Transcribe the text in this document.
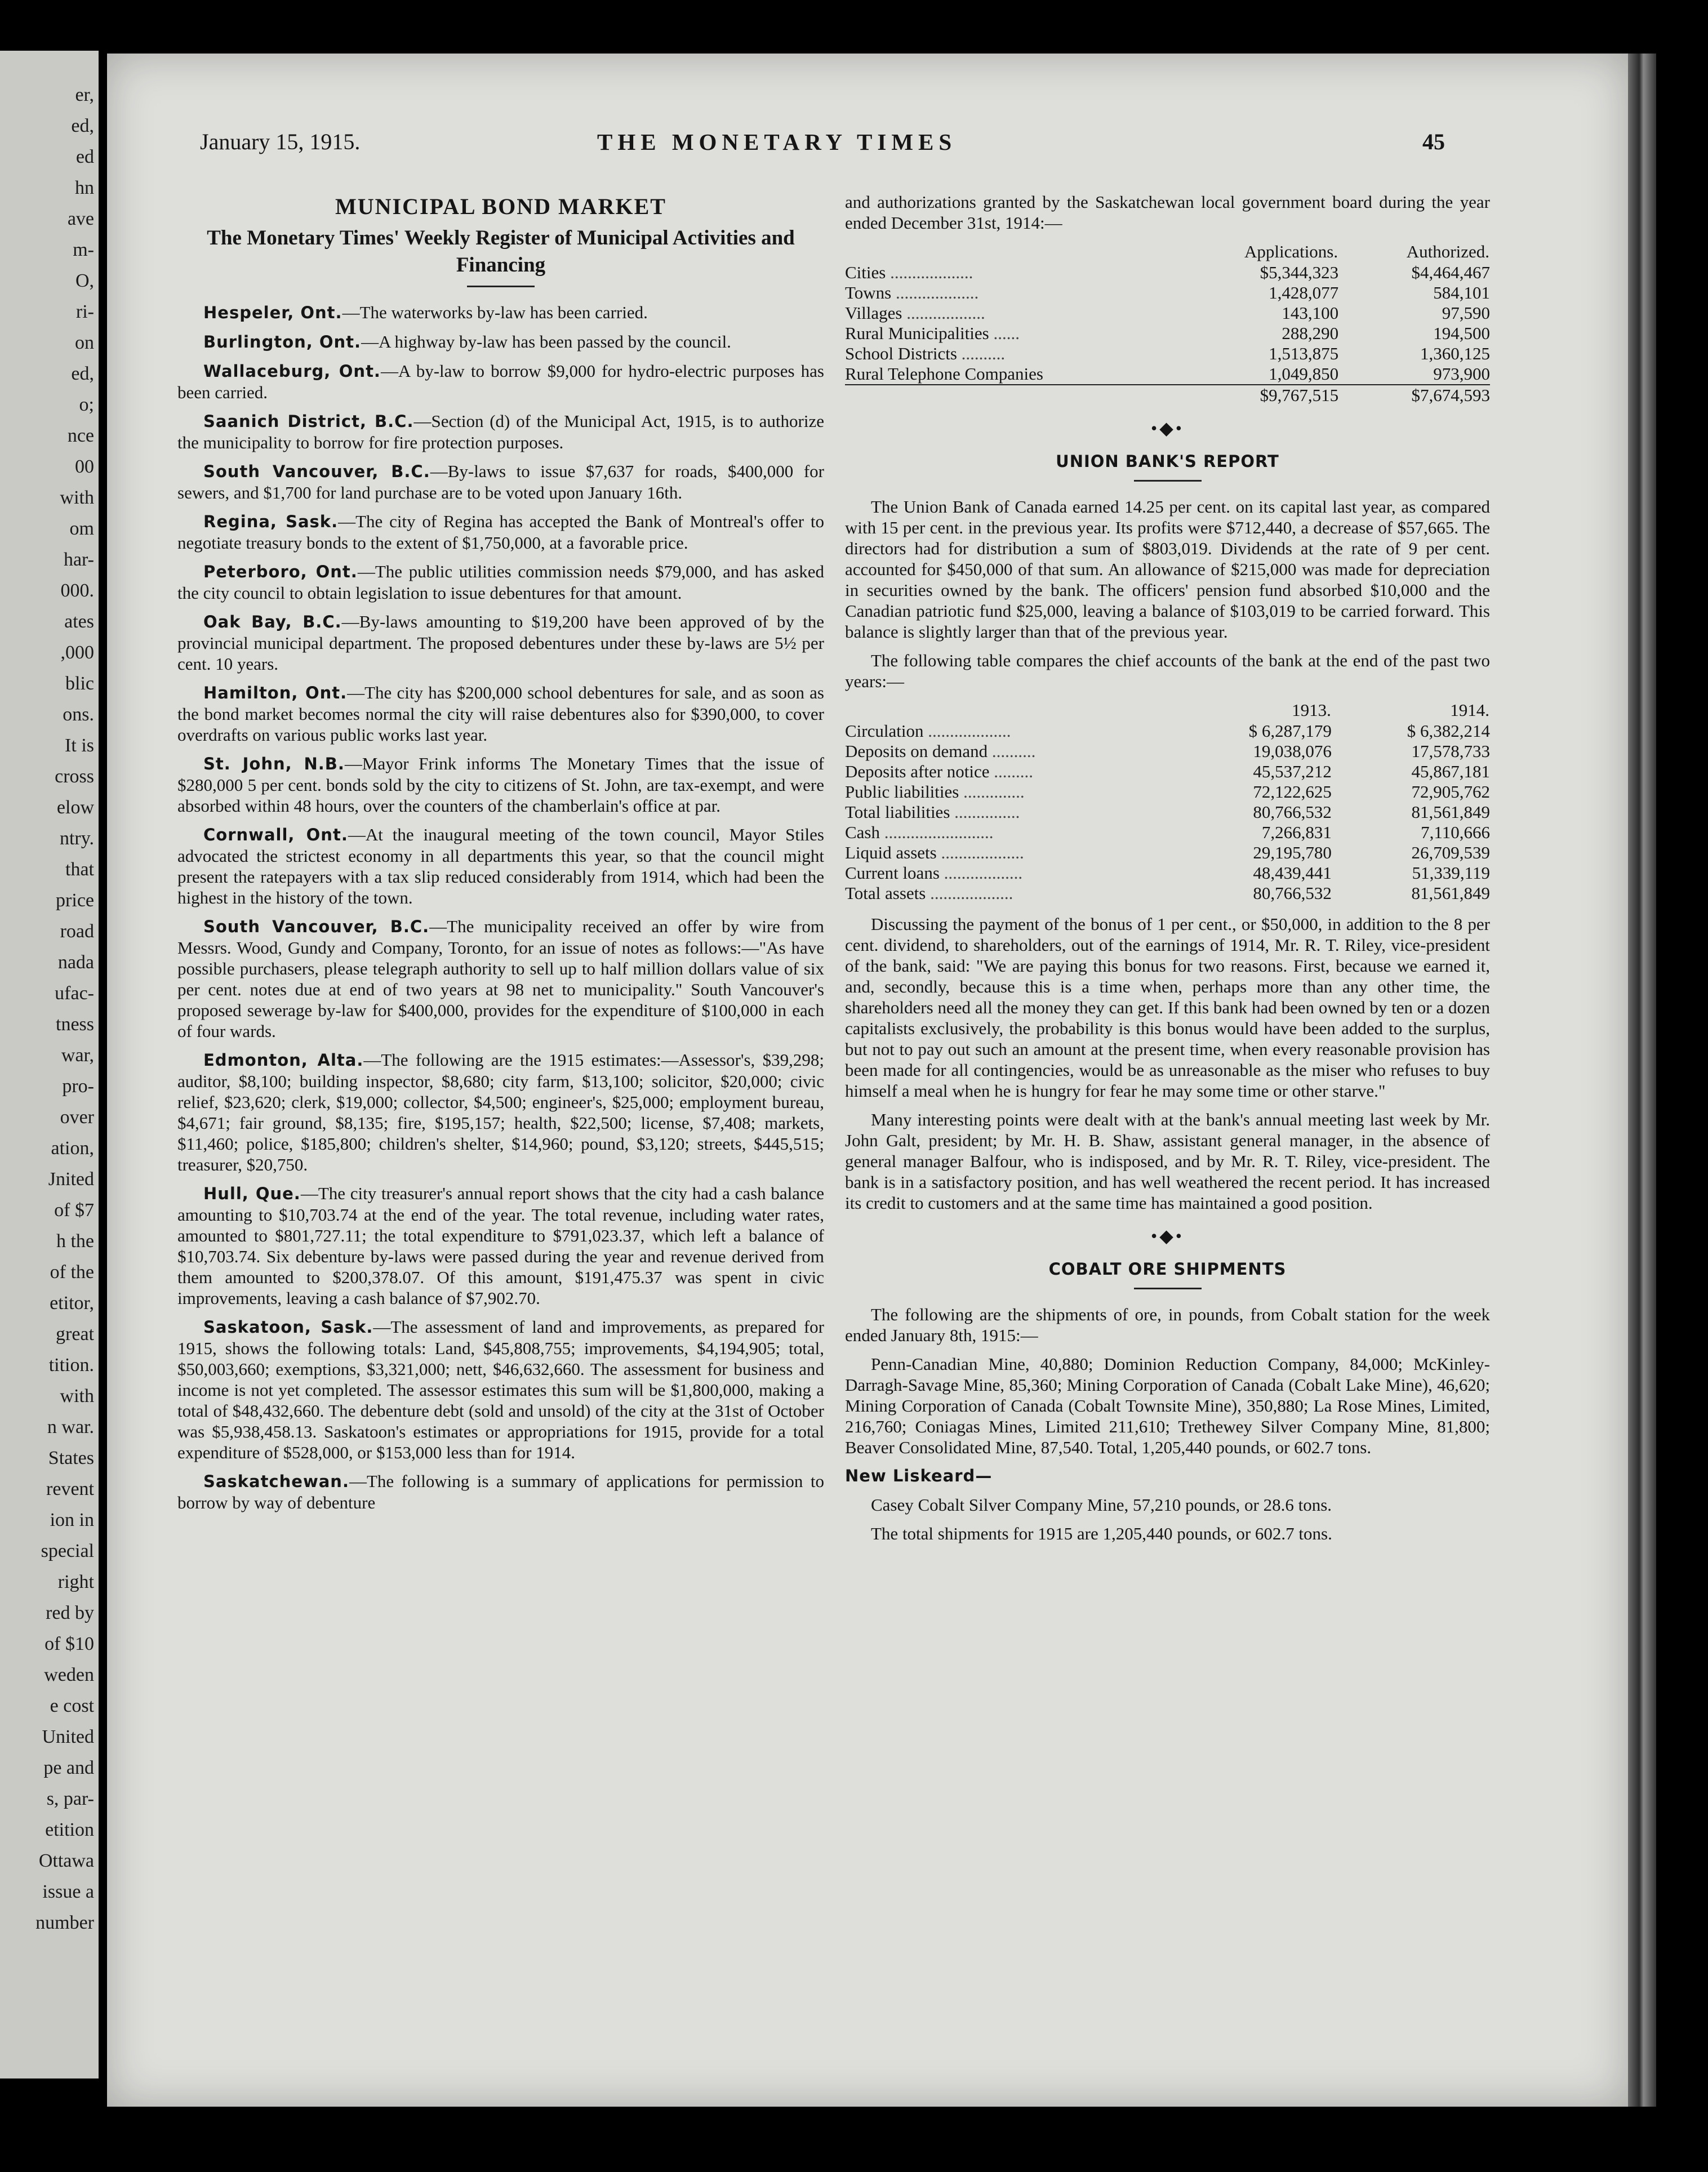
er,
ed,
ed
hn
ave
m-
O,
ri-
on
ed,
o;
nce
00
with
om
har-
000.
ates
,000
blic
ons.
It is
cross
elow
ntry.
that
price
road
nada
ufac-
tness
war,
pro-
over
ation,
Jnited
of $7
h the
of the
etitor,
great
tition.
with
n war.
States
revent
ion in
special
right
red by
of $10
weden
e cost
United
pe and
s, par-
etition
Ottawa
issue a
number
January 15, 1915.	THE MONETARY TIMES	45
MUNICIPAL BOND MARKET
The Monetary Times' Weekly Register of Municipal Activities and Financing

Hespeler, Ont.—The waterworks by-law has been carried.

Burlington, Ont.—A highway by-law has been passed by the council.

Wallaceburg, Ont.—A by-law to borrow $9,000 for hydro-electric purposes has been carried.

Saanich District, B.C.—Section (d) of the Municipal Act, 1915, is to authorize the municipality to borrow for fire protection purposes.

South Vancouver, B.C.—By-laws to issue $7,637 for roads, $400,000 for sewers, and $1,700 for land purchase are to be voted upon January 16th.

Regina, Sask.—The city of Regina has accepted the Bank of Montreal's offer to negotiate treasury bonds to the extent of $1,750,000, at a favorable price.

Peterboro, Ont.—The public utilities commission needs $79,000, and has asked the city council to obtain legislation to issue debentures for that amount.

Oak Bay, B.C.—By-laws amounting to $19,200 have been approved of by the provincial municipal department. The proposed debentures under these by-laws are 5½ per cent. 10 years.

Hamilton, Ont.—The city has $200,000 school debentures for sale, and as soon as the bond market becomes normal the city will raise debentures also for $390,000, to cover overdrafts on various public works last year.

St. John, N.B.—Mayor Frink informs The Monetary Times that the issue of $280,000 5 per cent. bonds sold by the city to citizens of St. John, are tax-exempt, and were absorbed within 48 hours, over the counters of the chamberlain's office at par.

Cornwall, Ont.—At the inaugural meeting of the town council, Mayor Stiles advocated the strictest economy in all departments this year, so that the council might present the ratepayers with a tax slip reduced considerably from 1914, which had been the highest in the history of the town.

South Vancouver, B.C.—The municipality received an offer by wire from Messrs. Wood, Gundy and Company, Toronto, for an issue of notes as follows:—"As have possible purchasers, please telegraph authority to sell up to half million dollars value of six per cent. notes due at end of two years at 98 net to municipality." South Vancouver's proposed sewerage by-law for $400,000, provides for the expenditure of $100,000 in each of four wards.

Edmonton, Alta.—The following are the 1915 estimates:—Assessor's, $39,298; auditor, $8,100; building inspector, $8,680; city farm, $13,100; solicitor, $20,000; civic relief, $23,620; clerk, $19,000; collector, $4,500; engineer's, $25,000; employment bureau, $4,671; fair ground, $8,135; fire, $195,157; health, $22,500; license, $7,408; markets, $11,460; police, $185,800; children's shelter, $14,960; pound, $3,120; streets, $445,515; treasurer, $20,750.

Hull, Que.—The city treasurer's annual report shows that the city had a cash balance amounting to $10,703.74 at the end of the year. The total revenue, including water rates, amounted to $801,727.11; the total expenditure to $791,023.37, which left a balance of $10,703.74. Six debenture by-laws were passed during the year and revenue derived from them amounted to $200,378.07. Of this amount, $191,475.37 was spent in civic improvements, leaving a cash balance of $7,902.70.

Saskatoon, Sask.—The assessment of land and improvements, as prepared for 1915, shows the following totals: Land, $45,808,755; improvements, $4,194,905; total, $50,003,660; exemptions, $3,321,000; nett, $46,632,660. The assessment for business and income is not yet completed. The assessor estimates this sum will be $1,800,000, making a total of $48,432,660. The debenture debt (sold and unsold) of the city at the 31st of October was $5,938,458.13. Saskatoon's estimates or appropriations for 1915, provide for a total expenditure of $528,000, or $153,000 less than for 1914.

Saskatchewan.—The following is a summary of applications for permission to borrow by way of debenture

and authorizations granted by the Saskatchewan local government board during the year ended December 31st, 1914:—

	Applications.	Authorized.
Cities ...................	$5,344,323	$4,464,467
Towns ...................	1,428,077	584,101
Villages ..................	143,100	97,590
Rural Municipalities ......	288,290	194,500
School Districts ..........	1,513,875	1,360,125
Rural Telephone Companies	1,049,850	973,900
	$9,767,515	$7,674,593
•◆•
UNION BANK'S REPORT

The Union Bank of Canada earned 14.25 per cent. on its capital last year, as compared with 15 per cent. in the previous year. Its profits were $712,440, a decrease of $57,665. The directors had for distribution a sum of $803,019. Dividends at the rate of 9 per cent. accounted for $450,000 of that sum. An allowance of $215,000 was made for depreciation in securities owned by the bank. The officers' pension fund absorbed $10,000 and the Canadian patriotic fund $25,000, leaving a balance of $103,019 to be carried forward. This balance is slightly larger than that of the previous year.

The following table compares the chief accounts of the bank at the end of the past two years:—

	1913.	1914.
Circulation ...................	$ 6,287,179	$ 6,382,214
Deposits on demand ..........	19,038,076	17,578,733
Deposits after notice .........	45,537,212	45,867,181
Public liabilities ..............	72,122,625	72,905,762
Total liabilities ...............	80,766,532	81,561,849
Cash .........................	7,266,831	7,110,666
Liquid assets ...................	29,195,780	26,709,539
Current loans ..................	48,439,441	51,339,119
Total assets ...................	80,766,532	81,561,849

Discussing the payment of the bonus of 1 per cent., or $50,000, in addition to the 8 per cent. dividend, to shareholders, out of the earnings of 1914, Mr. R. T. Riley, vice-president of the bank, said: "We are paying this bonus for two reasons. First, because we earned it, and, secondly, because this is a time when, perhaps more than any other time, the shareholders need all the money they can get. If this bank had been owned by ten or a dozen capitalists exclusively, the probability is this bonus would have been added to the surplus, but not to pay out such an amount at the present time, when every reasonable provision has been made for all contingencies, would be as unreasonable as the miser who refuses to buy himself a meal when he is hungry for fear he may some time or other starve."

Many interesting points were dealt with at the bank's annual meeting last week by Mr. John Galt, president; by Mr. H. B. Shaw, assistant general manager, in the absence of general manager Balfour, who is indisposed, and by Mr. R. T. Riley, vice-president. The bank is in a satisfactory position, and has well weathered the recent period. It has increased its credit to customers and at the same time has maintained a good position.

•◆•
COBALT ORE SHIPMENTS

The following are the shipments of ore, in pounds, from Cobalt station for the week ended January 8th, 1915:—

Penn-Canadian Mine, 40,880; Dominion Reduction Company, 84,000; McKinley-Darragh-Savage Mine, 85,360; Mining Corporation of Canada (Cobalt Lake Mine), 46,620; Mining Corporation of Canada (Cobalt Townsite Mine), 350,880; La Rose Mines, Limited, 216,760; Coniagas Mines, Limited 211,610; Trethewey Silver Company Mine, 81,800; Beaver Consolidated Mine, 87,540. Total, 1,205,440 pounds, or 602.7 tons.

New Liskeard—

Casey Cobalt Silver Company Mine, 57,210 pounds, or 28.6 tons.

The total shipments for 1915 are 1,205,440 pounds, or 602.7 tons.
